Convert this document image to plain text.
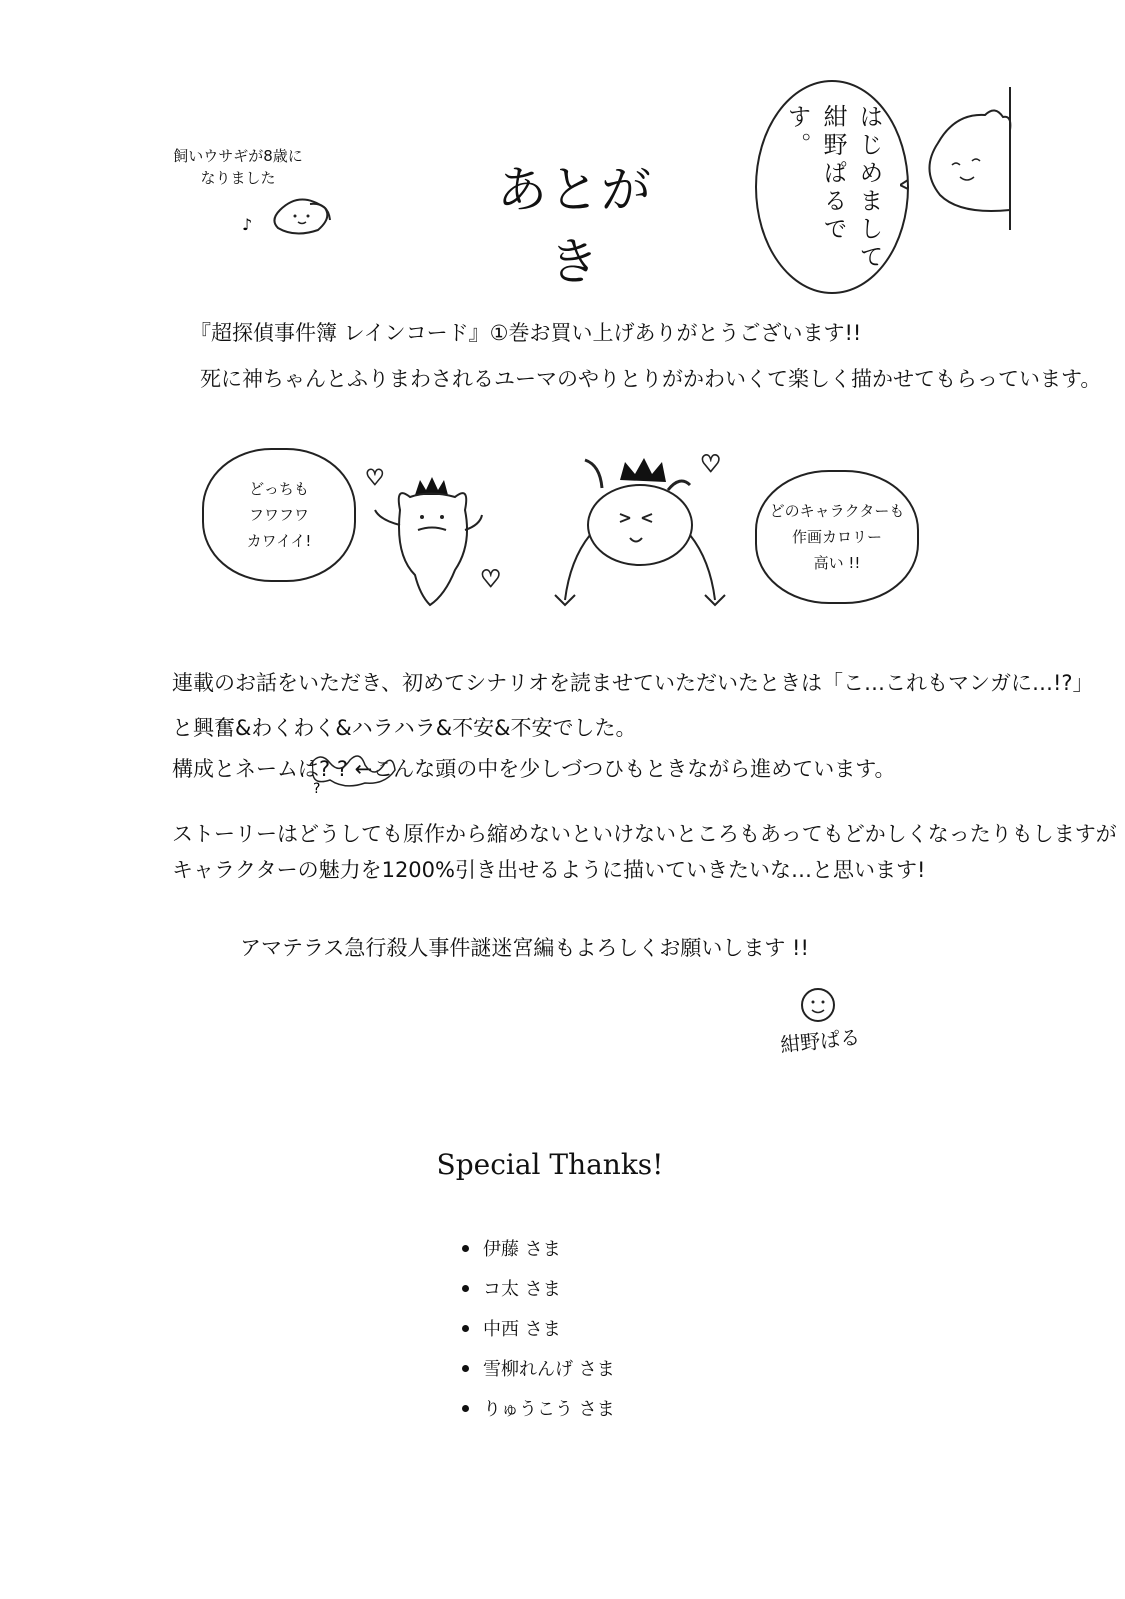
飼いウサギが8歳に
なりました
♪
あとがき	はじめまして 紺野ぱるです。
『超探偵事件簿 レインコード』①巻お買い上げありがとうございます!!
死に神ちゃんとふりまわされるユーマのやりとりがかわいくて楽しく描かせてもらっています。
どっちも
フワフワ
カワイイ!
♡
♡
♡
どのキャラクターも
作画カロリー
高い !!
連載のお話をいただき、初めてシナリオを読ませていただいたときは「こ…これもマンガに…!?」
と興奮&わくわく&ハラハラ&不安&不安でした。
構成とネームは? ? ←こんな頭の中を少しづつひもときながら進めています。
?
ストーリーはどうしても原作から縮めないといけないところもあってもどかしくなったりもしますが
キャラクターの魅力を1200%引き出せるように描いていきたいな…と思います!
アマテラス急行殺人事件謎迷宮編もよろしくお願いします !!
紺野ぱる
Special Thanks!
伊藤 さま
コ太 さま
中西 さま
雪柳れんげ さま
りゅうこう さま
